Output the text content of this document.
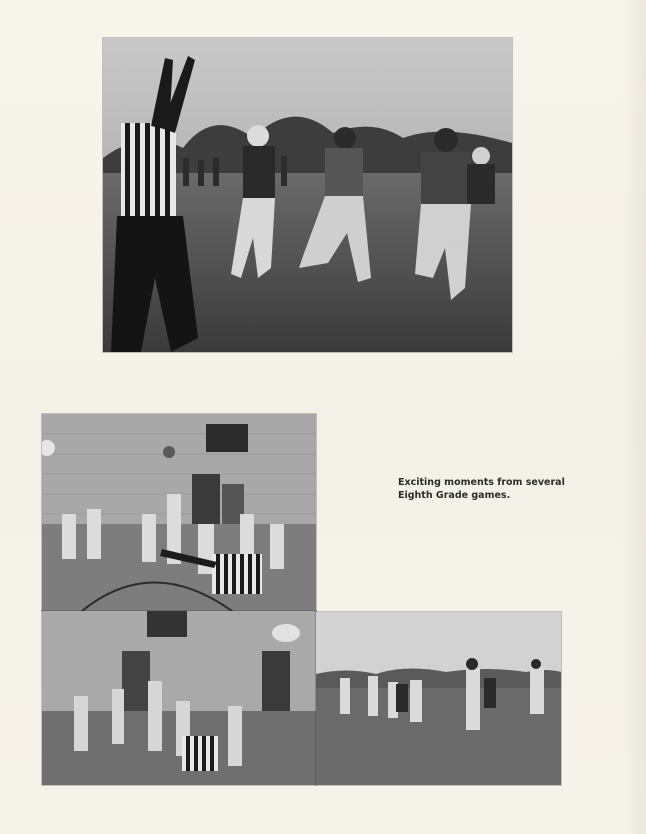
Exciting moments from several
Eighth Grade games.
